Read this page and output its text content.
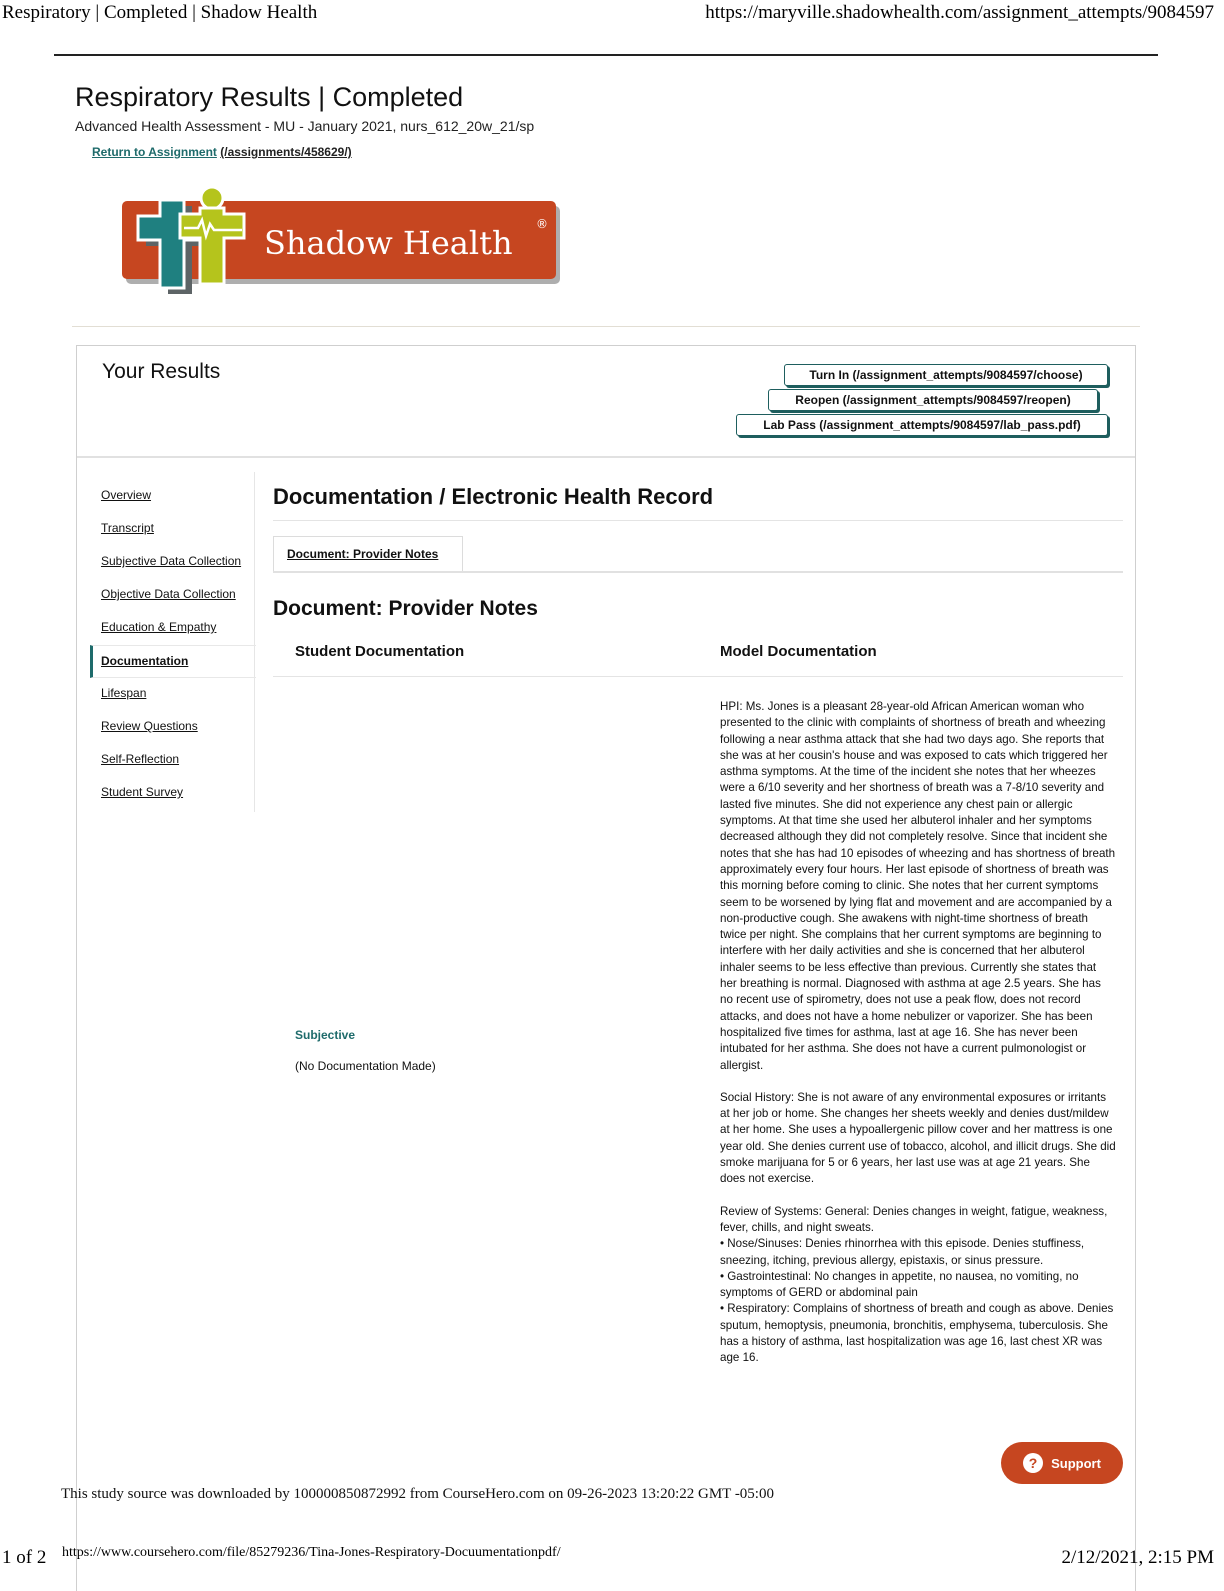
Respiratory | Completed | Shadow Health	https://maryville.shadowhealth.com/assignment_attempts/9084597
Respiratory Results | Completed
Advanced Health Assessment - MU - January 2021, nurs_612_20w_21/sp
Return to Assignment (/assignments/458629/)
Shadow Health ®
Your Results	Turn In (/assignment_attempts/9084597/choose)
Reopen (/assignment_attempts/9084597/reopen)
Lab Pass (/assignment_attempts/9084597/lab_pass.pdf)
Overview
Transcript
Subjective Data Collection
Objective Data Collection
Education & Empathy
Documentation
Lifespan
Review Questions
Self-Reflection
Student Survey
Documentation / Electronic Health Record
Document: Provider Notes
Document: Provider Notes
Student Documentation	Model Documentation
Subjective
(No Documentation Made)

HPI: Ms. Jones is a pleasant 28-year-old African American woman who presented to the clinic with complaints of shortness of breath and wheezing following a near asthma attack that she had two days ago. She reports that she was at her cousin's house and was exposed to cats which triggered her asthma symptoms. At the time of the incident she notes that her wheezes were a 6/10 severity and her shortness of breath was a 7-8/10 severity and lasted five minutes. She did not experience any chest pain or allergic symptoms. At that time she used her albuterol inhaler and her symptoms decreased although they did not completely resolve. Since that incident she notes that she has had 10 episodes of wheezing and has shortness of breath approximately every four hours. Her last episode of shortness of breath was this morning before coming to clinic. She notes that her current symptoms seem to be worsened by lying flat and movement and are accompanied by a non-productive cough. She awakens with night-time shortness of breath twice per night. She complains that her current symptoms are beginning to interfere with her daily activities and she is concerned that her albuterol inhaler seems to be less effective than previous. Currently she states that her breathing is normal. Diagnosed with asthma at age 2.5 years. She has no recent use of spirometry, does not use a peak flow, does not record attacks, and does not have a home nebulizer or vaporizer. She has been hospitalized five times for asthma, last at age 16. She has never been intubated for her asthma. She does not have a current pulmonologist or allergist.

Social History: She is not aware of any environmental exposures or irritants at her job or home. She changes her sheets weekly and denies dust/mildew at her home. She uses a hypoallergenic pillow cover and her mattress is one year old. She denies current use of tobacco, alcohol, and illicit drugs. She did smoke marijuana for 5 or 6 years, her last use was at age 21 years. She does not exercise.

Review of Systems: General: Denies changes in weight, fatigue, weakness, fever, chills, and night sweats.
• Nose/Sinuses: Denies rhinorrhea with this episode. Denies stuffiness, sneezing, itching, previous allergy, epistaxis, or sinus pressure.
• Gastrointestinal: No changes in appetite, no nausea, no vomiting, no symptoms of GERD or abdominal pain
• Respiratory: Complains of shortness of breath and cough as above. Denies sputum, hemoptysis, pneumonia, bronchitis, emphysema, tuberculosis. She has a history of asthma, last hospitalization was age 16, last chest XR was age 16.
?	Support
This study source was downloaded by 100000850872992 from CourseHero.com on 09-26-2023 13:20:22 GMT -05:00
1 of 2 https://www.coursehero.com/file/85279236/Tina-Jones-Respiratory-Docuumentationpdf/	2/12/2021, 2:15 PM
